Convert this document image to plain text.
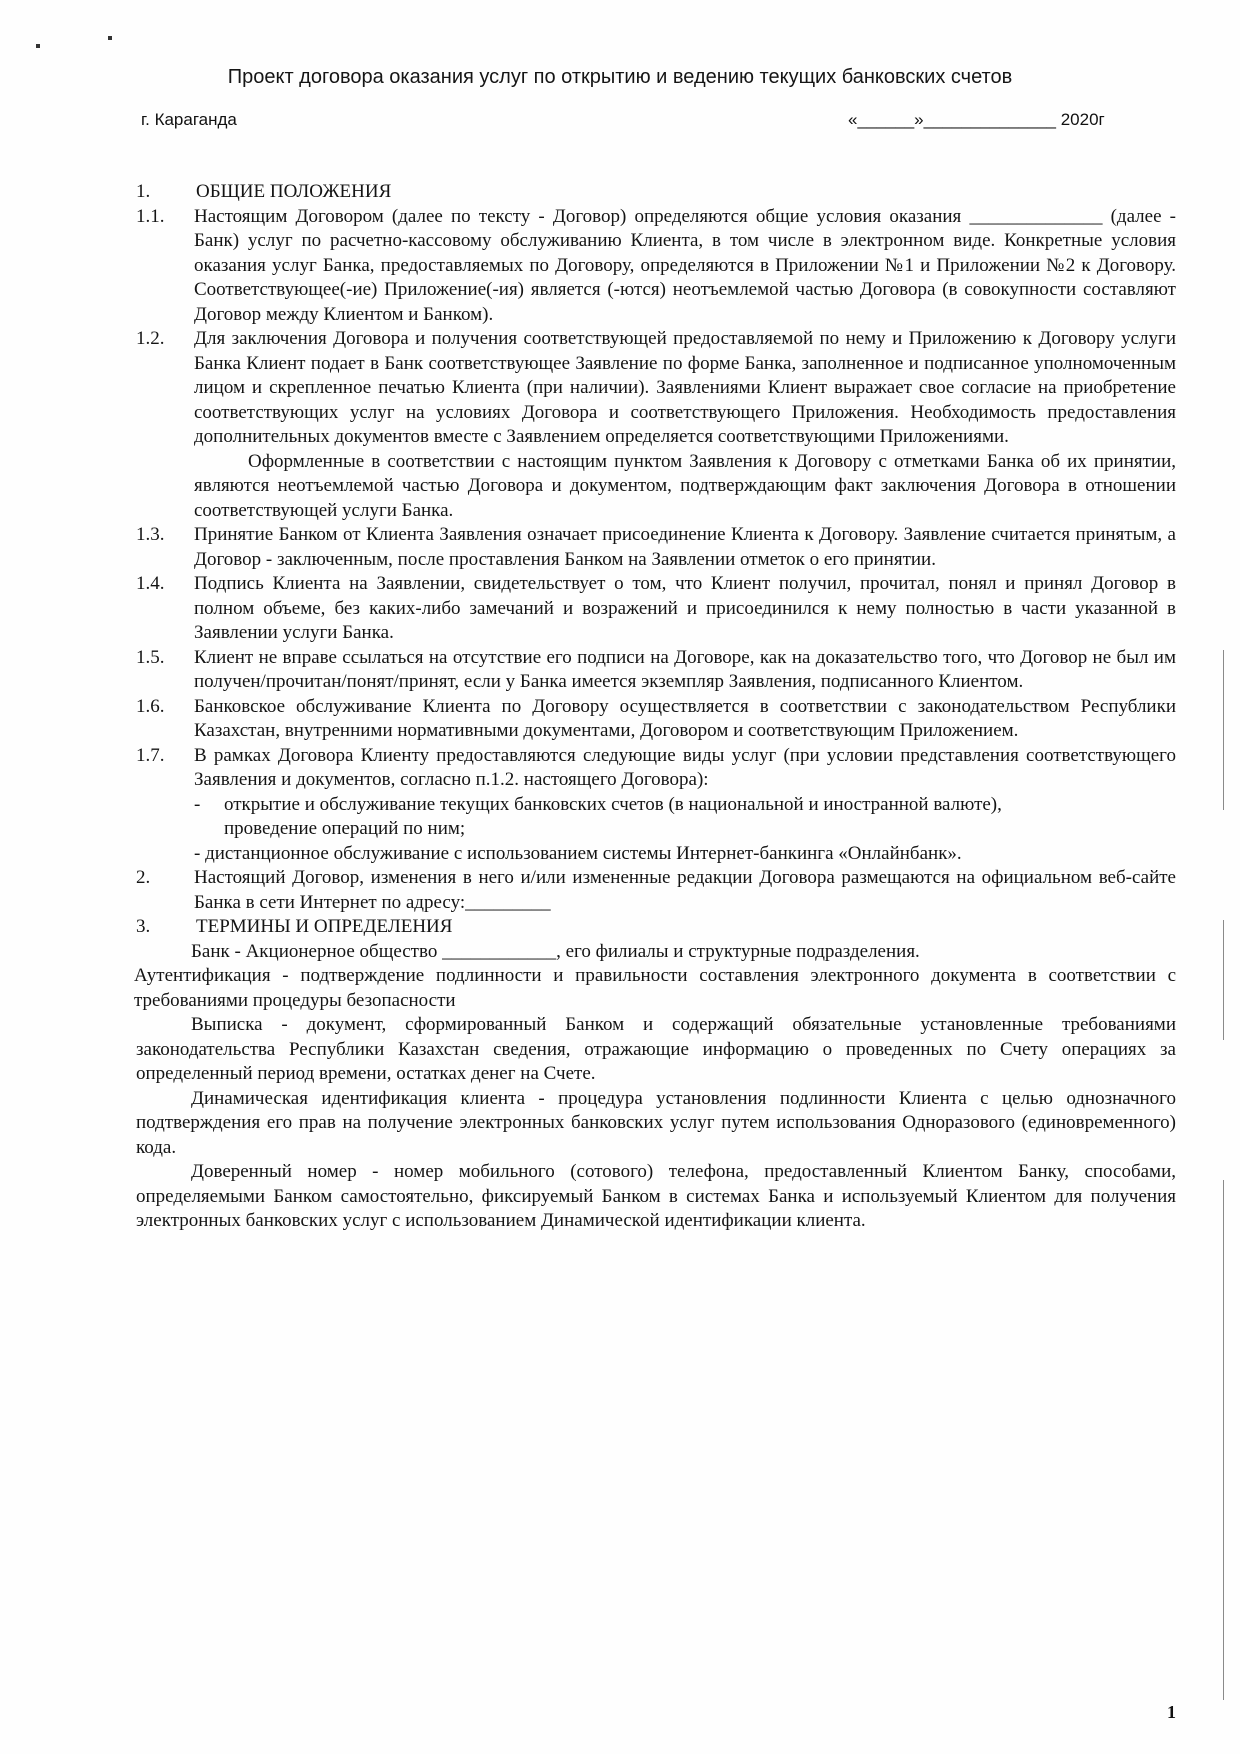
Проект договора оказания услуг по открытию и ведению текущих банковских счетов
г. Караганда	«______»______________ 2020г
1.	ОБЩИЕ ПОЛОЖЕНИЯ
1.1.	Настоящим Договором (далее по тексту - Договор) определяются общие условия оказания ______________ (далее - Банк) услуг по расчетно-кассовому обслуживанию Клиента, в том числе в электронном виде. Конкретные условия оказания услуг Банка, предоставляемых по Договору, определяются в Приложении №1 и Приложении №2 к Договору. Соответствующее(-ие) Приложение(-ия) является (-ются) неотъемлемой частью Договора (в совокупности составляют Договор между Клиентом и Банком).
1.2.	Для заключения Договора и получения соответствующей предоставляемой по нему и Приложению к Договору услуги Банка Клиент подает в Банк соответствующее Заявление по форме Банка, заполненное и подписанное уполномоченным лицом и скрепленное печатью Клиента (при наличии). Заявлениями Клиент выражает свое согласие на приобретение соответствующих услуг на условиях Договора и соответствующего Приложения. Необходимость предоставления дополнительных документов вместе с Заявлением определяется соответствующими Приложениями.
Оформленные в соответствии с настоящим пунктом Заявления к Договору с отметками Банка об их принятии, являются неотъемлемой частью Договора и документом, подтверждающим факт заключения Договора в отношении соответствующей услуги Банка.
1.3.	Принятие Банком от Клиента Заявления означает присоединение Клиента к Договору. Заявление считается принятым, а Договор - заключенным, после проставления Банком на Заявлении отметок о его принятии.
1.4.	Подпись Клиента на Заявлении, свидетельствует о том, что Клиент получил, прочитал, понял и принял Договор в полном объеме, без каких-либо замечаний и возражений и присоединился к нему полностью в части указанной в Заявлении услуги Банка.
1.5.	Клиент не вправе ссылаться на отсутствие его подписи на Договоре, как на доказательство того, что Договор не был им получен/прочитан/понят/принят, если у Банка имеется экземпляр Заявления, подписанного Клиентом.
1.6.	Банковское обслуживание Клиента по Договору осуществляется в соответствии с законодательством Республики Казахстан, внутренними нормативными документами, Договором и соответствующим Приложением.
1.7.	В рамках Договора Клиенту предоставляются следующие виды услуг (при условии представления соответствующего Заявления и документов, согласно п.1.2. настоящего Договора):
-	открытие и обслуживание текущих банковских счетов (в национальной и иностранной валюте),
проведение операций по ним;
- дистанционное обслуживание с использованием системы Интернет-банкинга «Онлайнбанк».
2.	Настоящий Договор, изменения в него и/или измененные редакции Договора размещаются на официальном веб-сайте Банка в сети Интернет по адресу:_________
3.	ТЕРМИНЫ И ОПРЕДЕЛЕНИЯ
Банк - Акционерное общество ____________, его филиалы и структурные подразделения.
Аутентификация - подтверждение подлинности и правильности составления электронного документа в соответствии с требованиями процедуры безопасности
Выписка - документ, сформированный Банком и содержащий обязательные установленные требованиями законодательства Республики Казахстан сведения, отражающие информацию о проведенных по Счету операциях за определенный период времени, остатках денег на Счете.
Динамическая идентификация клиента - процедура установления подлинности Клиента с целью однозначного подтверждения его прав на получение электронных банковских услуг путем использования Одноразового (единовременного) кода.
Доверенный номер - номер мобильного (сотового) телефона, предоставленный Клиентом Банку, способами, определяемыми Банком самостоятельно, фиксируемый Банком в системах Банка и используемый Клиентом для получения электронных банковских услуг с использованием Динамической идентификации клиента.
1
